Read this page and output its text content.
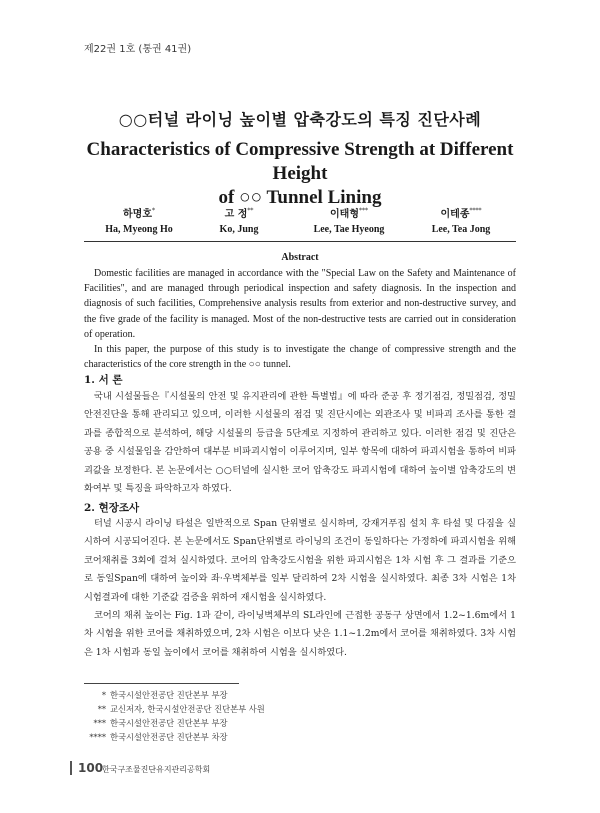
제22권 1호 (통권 41권)
○○터널 라이닝 높이별 압축강도의 특징 진단사례
Characteristics of Compressive Strength at Different Height
of ○○ Tunnel Lining
하명호*
Ha, Myeong Ho
고 정**
Ko, Jung
이태형***
Lee, Tae Hyeong
이테종****
Lee, Tea Jong
Abstract

Domestic facilities are managed in accordance with the "Special Law on the Safety and Maintenance of Facilities", and are managed through periodical inspection and safety diagnosis. In the inspection and diagnosis of such facilities, Comprehensive analysis results from exterior and non-destructive survey, and the five grade of the facility is managed. Most of the non-destructive tests are carried out in consideration of operation.

In this paper, the purpose of this study is to investigate the change of compressive strength and the characteristics of the core strength in the ○○ tunnel.

1. 서 론

국내 시설물들은『시설물의 안전 및 유지관리에 관한 특별법』에 따라 준공 후 정기점검, 정밀점검, 정밀안전진단을 통해 관리되고 있으며, 이러한 시설물의 점검 및 진단시에는 외관조사 및 비파괴 조사를 통한 결과를 종합적으로 분석하여, 해당 시설물의 등급을 5단계로 지정하여 관리하고 있다. 이러한 점검 및 진단은 공용 중 시설물임을 감안하여 대부분 비파괴시험이 이루어지며, 일부 항목에 대하여 파괴시험을 통하여 비파괴값을 보정한다. 본 논문에서는 ○○터널에 실시한 코어 압축강도 파괴시험에 대하여 높이별 압축강도의 변화여부 및 특징을 파악하고자 하였다.

2. 현장조사

터널 시공시 라이닝 타설은 일반적으로 Span 단위별로 실시하며, 강재거푸집 설치 후 타설 및 다짐을 실시하여 시공되어진다. 본 논문에서도 Span단위별로 라이닝의 조건이 동일하다는 가정하에 파괴시험을 위해 코어채취를 3회에 걸쳐 실시하였다. 코어의 압축강도시험을 위한 파괴시험은 1차 시험 후 그 결과를 기준으로 동일Span에 대하여 높이와 좌·우벽체부를 일부 달리하여 2차 시험을 실시하였다. 최종 3차 시험은 1차 시험결과에 대한 기준값 검증을 위하여 재시험을 실시하였다.

코어의 채취 높이는 Fig. 1과 같이, 라이닝벽체부의 SL라인에 근접한 공동구 상면에서 1.2~1.6m에서 1차 시험을 위한 코어를 채취하였으며, 2차 시험은 이보다 낮은 1.1~1.2m에서 코어를 채취하였다. 3차 시험은 1차 시험과 동일 높이에서 코어를 채취하여 시험을 실시하였다.

* 한국시설안전공단 진단본부 부장
** 교신저자, 한국시설안전공단 진단본부 사원
*** 한국시설안전공단 진단본부 부장
**** 한국시설안전공단 진단본부 차장
100
한국구조물진단유지관리공학회
